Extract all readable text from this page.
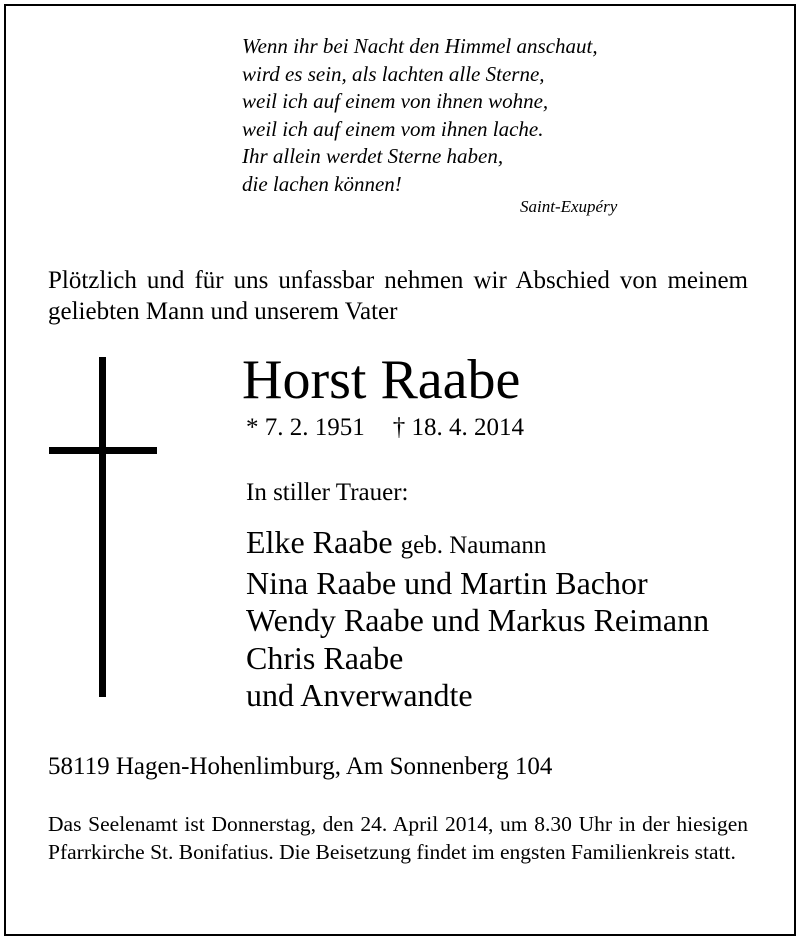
Wenn ihr bei Nacht den Himmel anschaut,
wird es sein, als lachten alle Sterne,
weil ich auf einem von ihnen wohne,
weil ich auf einem vom ihnen lache.
Ihr allein werdet Sterne haben,
die lachen können!
Saint-Exupéry
Plötzlich und für uns unfassbar nehmen wir Abschied von meinem geliebten Mann und unserem Vater
Horst Raabe
* 7. 2. 1951 † 18. 4. 2014
In stiller Trauer:
Elke Raabe geb. Naumann
Nina Raabe und Martin Bachor
Wendy Raabe und Markus Reimann
Chris Raabe
und Anverwandte
58119 Hagen-Hohenlimburg, Am Sonnenberg 104
Das Seelenamt ist Donnerstag, den 24. April 2014, um 8.30 Uhr in der hiesigen Pfarrkirche St. Bonifatius. Die Beisetzung findet im engsten Familienkreis statt.
